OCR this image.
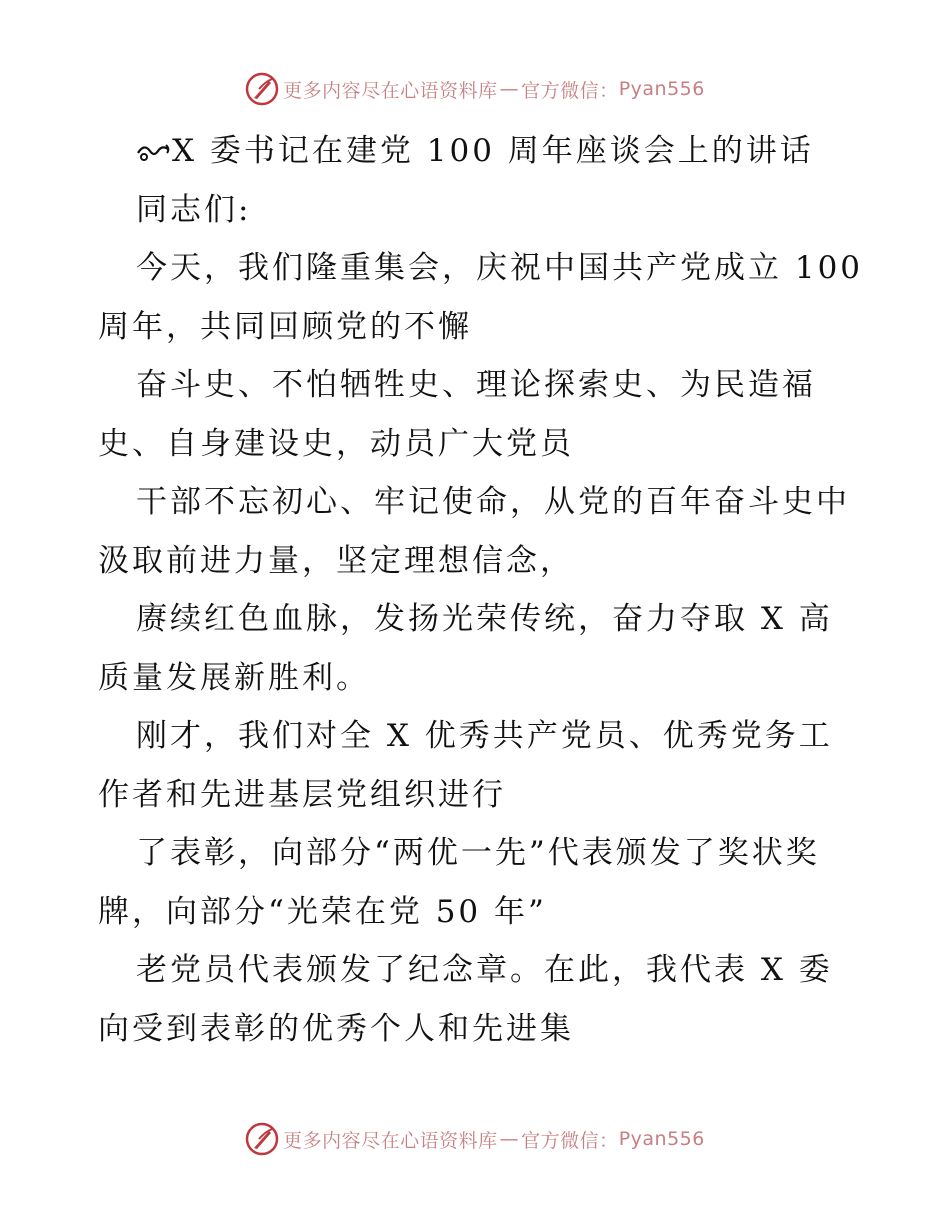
更多内容尽在心语资料库 — 官方微信： Pyan556
X 委书记在建党 100 周年座谈会上的讲话
同志们:
今天，我们隆重集会，庆祝中国共产党成立 100
周年，共同回顾党的不懈
奋斗史、不怕牺牲史、理论探索史、为民造福
史、自身建设史，动员广大党员
干部不忘初心、牢记使命，从党的百年奋斗史中
汲取前进力量，坚定理想信念，
赓续红色血脉，发扬光荣传统，奋力夺取 X 高
质量发展新胜利。
刚才，我们对全 X 优秀共产党员、优秀党务工
作者和先进基层党组织进行
了表彰，向部分“两优一先”代表颁发了奖状奖
牌，向部分“光荣在党 50 年”
老党员代表颁发了纪念章。在此，我代表 X 委
向受到表彰的优秀个人和先进集
更多内容尽在心语资料库 — 官方微信： Pyan556
